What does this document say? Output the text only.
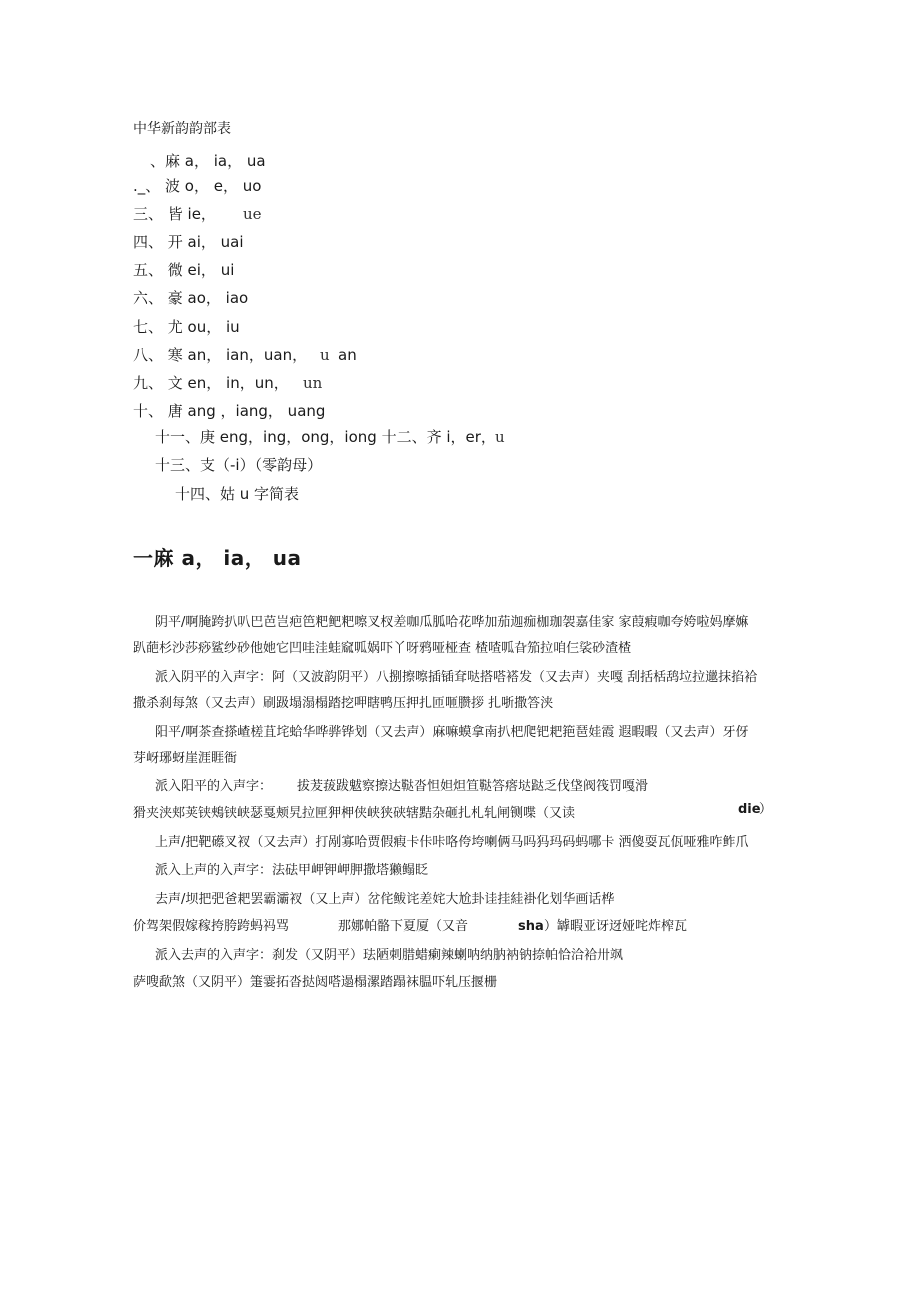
中华新韵韵部表
、麻 a， ia， ua
._、 波 o， e， uo
三、 皆 ie， ue
四、 开 ai， uai
五、 微 ei， ui
六、 豪 ao， iao
七、 尤 ou， iu
八、 寒 an， ian，uan， u an
九、 文 en， in，un， un
十、 唐 ang ，iang， uang
十一、庚 eng，ing，ong，iong 十二、齐 i，er， u
十三、支（-i）（零韵母）
十四、姑 u 字简表
一麻 a， ia， ua
阴平/啊腌跨扒叭巴芭岂疤笆粑鲃粑嚓叉杈差咖瓜胍哈花哗加茄迦痂枷珈袈嘉佳家 家葭瘕咖夸姱啦妈摩嫲
趴葩杉沙莎痧鲨纱砂他她它凹哇洼蛙窳呱娲吓丫呀鸦哑桠查 楂喳呱旮笳拉咱仨裟砂渣楂
派入阴平的入声字：阿（又波韵阴平）八捌擦嚓插锸耷哒搭嗒褡发（又去声）夹嘎 刮括栝鸹垃拉邋抹掐袷
撒杀刹每煞（又去声）刷趿塌溻榻踏挖呷瞎鸭压押扎匝咂臜拶 扎哳撒答浃
阳平/啊茶查搽嵖槎苴垞蛤华哗骅铧划（又去声）麻嘛蟆拿南扒杷爬钯耙筢琶娃霞 遐暇暇（又去声）牙伢
芽岈琊蚜崖涯睚衙
派入阳平的入声字： 拔茇菝跋魃察擦达鞑沓怛妲炟笪鞑答瘩垯跶乏伐垡阀筏罚嘎滑
猾夹浃郏荚铗鵊铗峡瑟戛颊旯拉匣狎柙侠峡狭硖辖黠杂砸扎札轧闸铡喋（又读	die
）
上声/把靶礤叉衩（又去声）打剐寡哈贾假瘕卡佧咔咯侉垮喇俩马吗犸玛码蚂哪卡 洒傻耍瓦佤哑雅咋鲊爪
派入上声的入声字：法砝甲岬钾岬胛撒塔獭鳎眨
去声/坝把弝爸耙罢霸灞衩（又上声）岔侘鲅诧差姹大尬卦诖挂絓褂化划华画话桦
价驾架假嫁稼挎胯跨蚂祃骂	那娜帕骼下夏厦（又音	sha ） 罅暇亚讶迓娅咤炸榨瓦
派入去声的入声字：刹发（又阴平）珐陋刺腊蜡瘌辣蝲呐纳肭衲钠捺帕恰洽袷卅飒
萨嗖歃煞（又阴平）箑霎拓沓挞闼嗒遢榻漯踏蹋袜腽吓轧压揠栅
